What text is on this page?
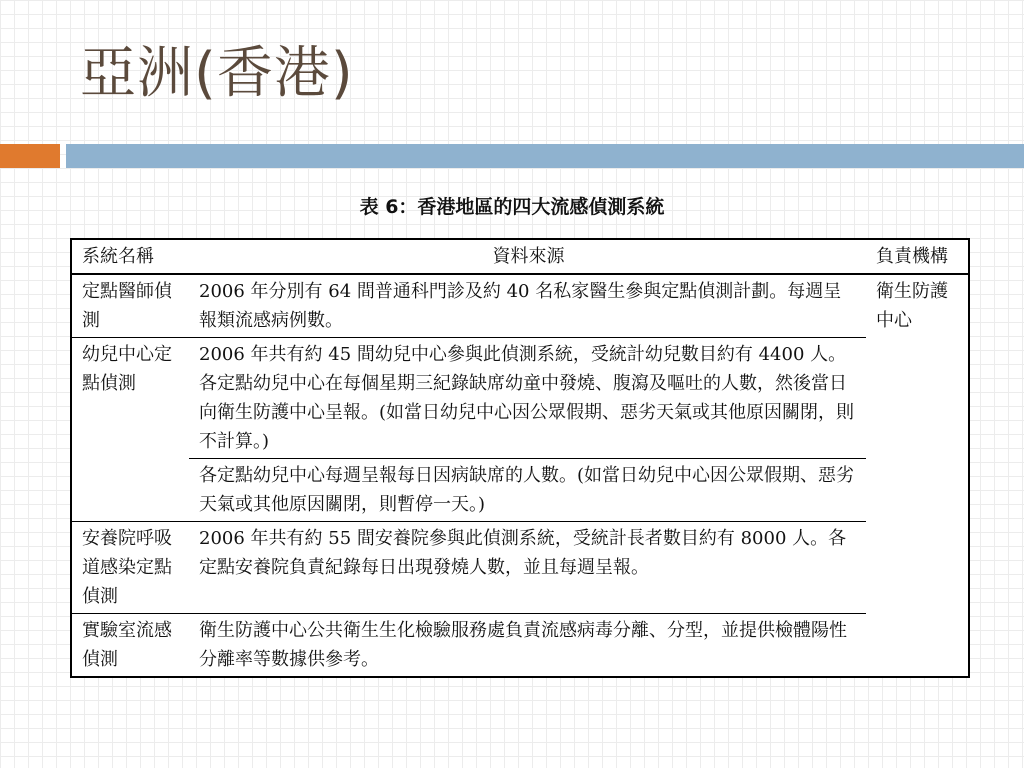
亞洲(香港)
表 6：香港地區的四大流感偵測系統
系統名稱	資料來源	負責機構
定點醫師偵測	2006 年分別有 64 間普通科門診及約 40 名私家醫生參與定點偵測計劃。每週呈報類流感病例數。	衛生防護中心
幼兒中心定點偵測	2006 年共有約 45 間幼兒中心參與此偵測系統，受統計幼兒數目約有 4400 人。各定點幼兒中心在每個星期三紀錄缺席幼童中發燒、腹瀉及嘔吐的人數，然後當日向衛生防護中心呈報。(如當日幼兒中心因公眾假期、惡劣天氣或其他原因關閉，則不計算。)	
	各定點幼兒中心每週呈報每日因病缺席的人數。(如當日幼兒中心因公眾假期、惡劣天氣或其他原因關閉，則暫停一天。)	
安養院呼吸道感染定點偵測	2006 年共有約 55 間安養院參與此偵測系統，受統計長者數目約有 8000 人。各定點安養院負責紀錄每日出現發燒人數，並且每週呈報。	
實驗室流感偵測	衛生防護中心公共衛生生化檢驗服務處負責流感病毒分離、分型，並提供檢體陽性分離率等數據供參考。	
